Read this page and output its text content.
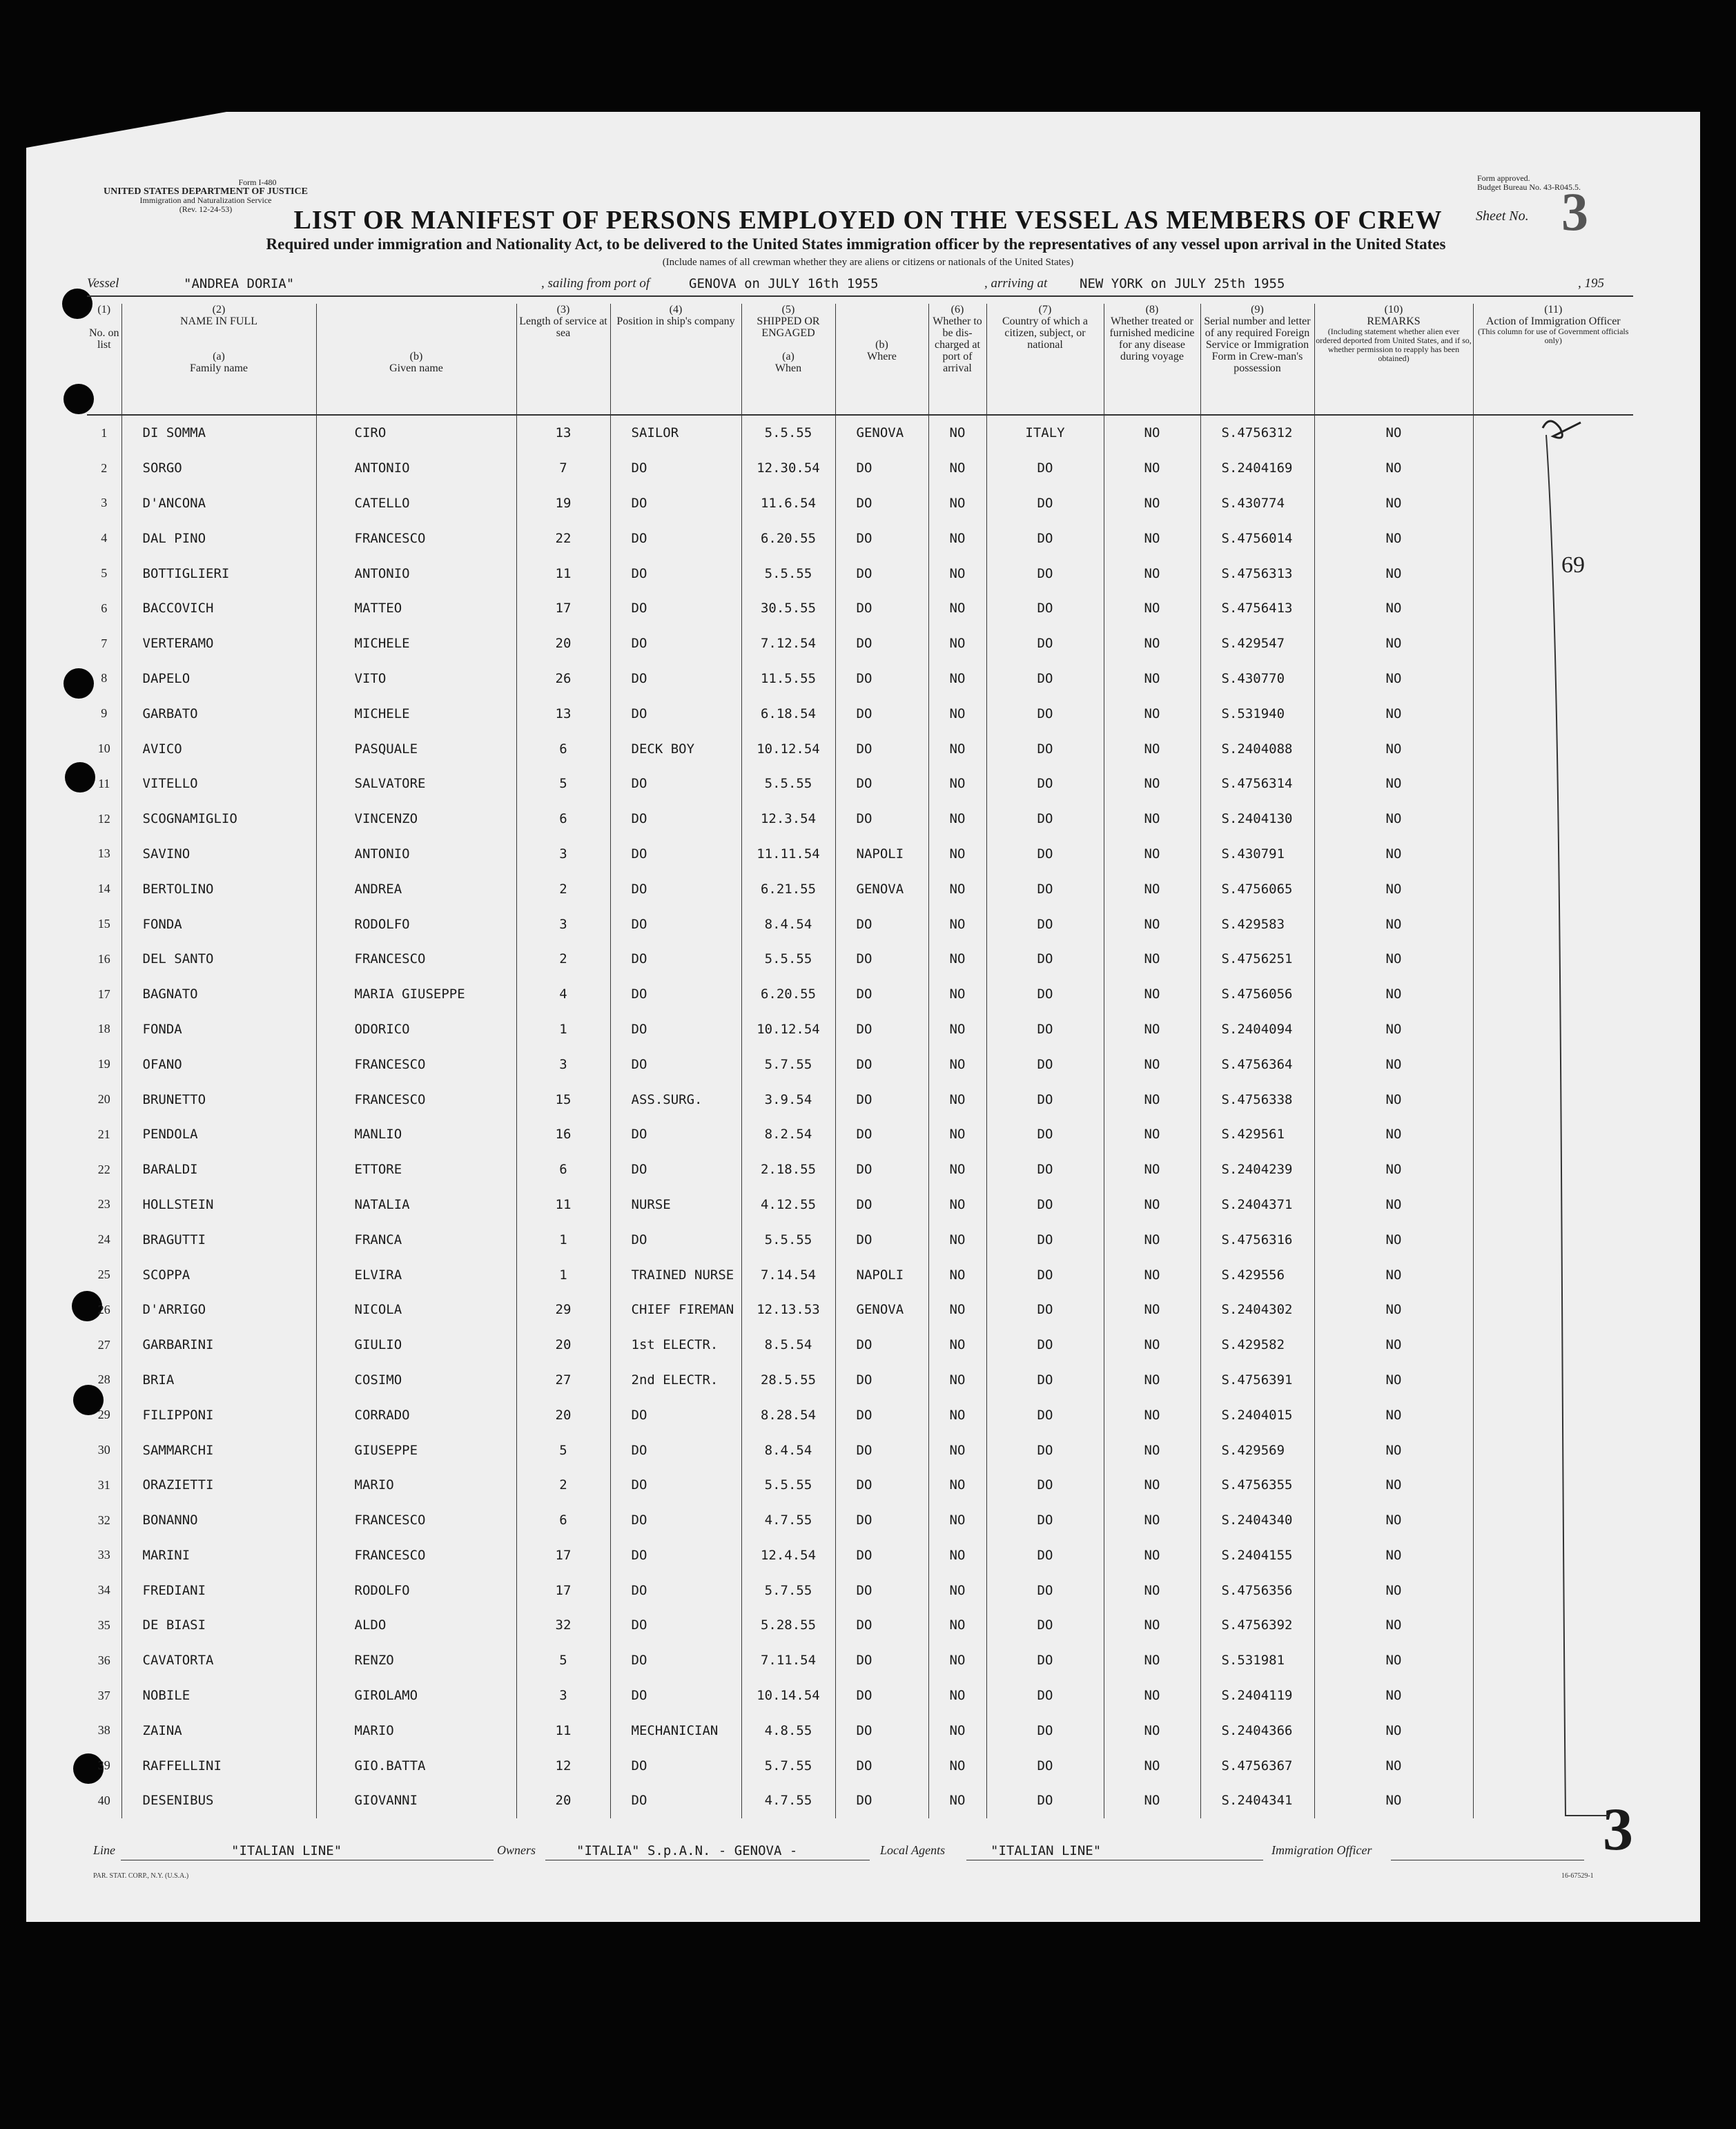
Form I-480
UNITED STATES DEPARTMENT OF JUSTICE
Immigration and Naturalization Service
(Rev. 12-24-53)
Form approved.
Budget Bureau No. 43-R045.5.
Sheet No. 3
LIST OR MANIFEST OF PERSONS EMPLOYED ON THE VESSEL AS MEMBERS OF CREW
Required under immigration and Nationality Act, to be delivered to the United States immigration officer by the representatives of any vessel upon arrival in the United States
(Include names of all crewman whether they are aliens or citizens or nationals of the United States)
Vessel	"ANDREA DORIA"	, sailing from port of	GENOVA on JULY 16th 1955	, arriving at NEW YORK on JULY 25th 1955	, 195
(1)

No. on list	(2)
NAME IN FULL

(a)
Family name	(b)
Given name	(3)
Length of service at sea	(4)
Position in ship's company	(5)
SHIPPED OR ENGAGED

(a)
When	(b)
Where	(6)
Whether to be dis-charged at port of arrival	(7)
Country of which a citizen, subject, or national	(8)
Whether treated or furnished medicine for any disease during voyage	(9)
Serial number and letter of any required Foreign Service or Immigration Form in Crew-man's possession	(10)
REMARKS
(Including statement whether alien ever ordered deported from United States, and if so, whether permission to reapply has been obtained)	(11)
Action of Immigration Officer
(This column for use of Government officials only)

1	DI SOMMA	CIRO	13	SAILOR	5.5.55	GENOVA	NO	ITALY	NO	S.4756312	NO	
2	SORGO	ANTONIO	7	DO	12.30.54	DO	NO	DO	NO	S.2404169	NO	
3	D'ANCONA	CATELLO	19	DO	11.6.54	DO	NO	DO	NO	S.430774	NO	
4	DAL PINO	FRANCESCO	22	DO	6.20.55	DO	NO	DO	NO	S.4756014	NO	
5	BOTTIGLIERI	ANTONIO	11	DO	5.5.55	DO	NO	DO	NO	S.4756313	NO	
6	BACCOVICH	MATTEO	17	DO	30.5.55	DO	NO	DO	NO	S.4756413	NO	
7	VERTERAMO	MICHELE	20	DO	7.12.54	DO	NO	DO	NO	S.429547	NO	
8	DAPELO	VITO	26	DO	11.5.55	DO	NO	DO	NO	S.430770	NO	
9	GARBATO	MICHELE	13	DO	6.18.54	DO	NO	DO	NO	S.531940	NO	
10	AVICO	PASQUALE	6	DECK BOY	10.12.54	DO	NO	DO	NO	S.2404088	NO	
11	VITELLO	SALVATORE	5	DO	5.5.55	DO	NO	DO	NO	S.4756314	NO	
12	SCOGNAMIGLIO	VINCENZO	6	DO	12.3.54	DO	NO	DO	NO	S.2404130	NO	
13	SAVINO	ANTONIO	3	DO	11.11.54	NAPOLI	NO	DO	NO	S.430791	NO	
14	BERTOLINO	ANDREA	2	DO	6.21.55	GENOVA	NO	DO	NO	S.4756065	NO	
15	FONDA	RODOLFO	3	DO	8.4.54	DO	NO	DO	NO	S.429583	NO	
16	DEL SANTO	FRANCESCO	2	DO	5.5.55	DO	NO	DO	NO	S.4756251	NO	
17	BAGNATO	MARIA GIUSEPPE	4	DO	6.20.55	DO	NO	DO	NO	S.4756056	NO	
18	FONDA	ODORICO	1	DO	10.12.54	DO	NO	DO	NO	S.2404094	NO	
19	OFANO	FRANCESCO	3	DO	5.7.55	DO	NO	DO	NO	S.4756364	NO	
20	BRUNETTO	FRANCESCO	15	ASS.SURG.	3.9.54	DO	NO	DO	NO	S.4756338	NO	
21	PENDOLA	MANLIO	16	DO	8.2.54	DO	NO	DO	NO	S.429561	NO	
22	BARALDI	ETTORE	6	DO	2.18.55	DO	NO	DO	NO	S.2404239	NO	
23	HOLLSTEIN	NATALIA	11	NURSE	4.12.55	DO	NO	DO	NO	S.2404371	NO	
24	BRAGUTTI	FRANCA	1	DO	5.5.55	DO	NO	DO	NO	S.4756316	NO	
25	SCOPPA	ELVIRA	1	TRAINED NURSE	7.14.54	NAPOLI	NO	DO	NO	S.429556	NO	
26	D'ARRIGO	NICOLA	29	CHIEF FIREMAN	12.13.53	GENOVA	NO	DO	NO	S.2404302	NO	
27	GARBARINI	GIULIO	20	1st ELECTR.	8.5.54	DO	NO	DO	NO	S.429582	NO	
28	BRIA	COSIMO	27	2nd ELECTR.	28.5.55	DO	NO	DO	NO	S.4756391	NO	
29	FILIPPONI	CORRADO	20	DO	8.28.54	DO	NO	DO	NO	S.2404015	NO	
30	SAMMARCHI	GIUSEPPE	5	DO	8.4.54	DO	NO	DO	NO	S.429569	NO	
31	ORAZIETTI	MARIO	2	DO	5.5.55	DO	NO	DO	NO	S.4756355	NO	
32	BONANNO	FRANCESCO	6	DO	4.7.55	DO	NO	DO	NO	S.2404340	NO	
33	MARINI	FRANCESCO	17	DO	12.4.54	DO	NO	DO	NO	S.2404155	NO	
34	FREDIANI	RODOLFO	17	DO	5.7.55	DO	NO	DO	NO	S.4756356	NO	
35	DE BIASI	ALDO	32	DO	5.28.55	DO	NO	DO	NO	S.4756392	NO	
36	CAVATORTA	RENZO	5	DO	7.11.54	DO	NO	DO	NO	S.531981	NO	
37	NOBILE	GIROLAMO	3	DO	10.14.54	DO	NO	DO	NO	S.2404119	NO	
38	ZAINA	MARIO	11	MECHANICIAN	4.8.55	DO	NO	DO	NO	S.2404366	NO	
39	RAFFELLINI	GIO.BATTA	12	DO	5.7.55	DO	NO	DO	NO	S.4756367	NO	
40	DESENIBUS	GIOVANNI	20	DO	4.7.55	DO	NO	DO	NO	S.2404341	NO	
69
3
Line	"ITALIAN LINE"	Owners	"ITALIA" S.p.A.N. - GENOVA -	Local Agents	"ITALIAN LINE"	Immigration Officer
PAR. STAT. CORP., N.Y. (U.S.A.)	16-67529-1
